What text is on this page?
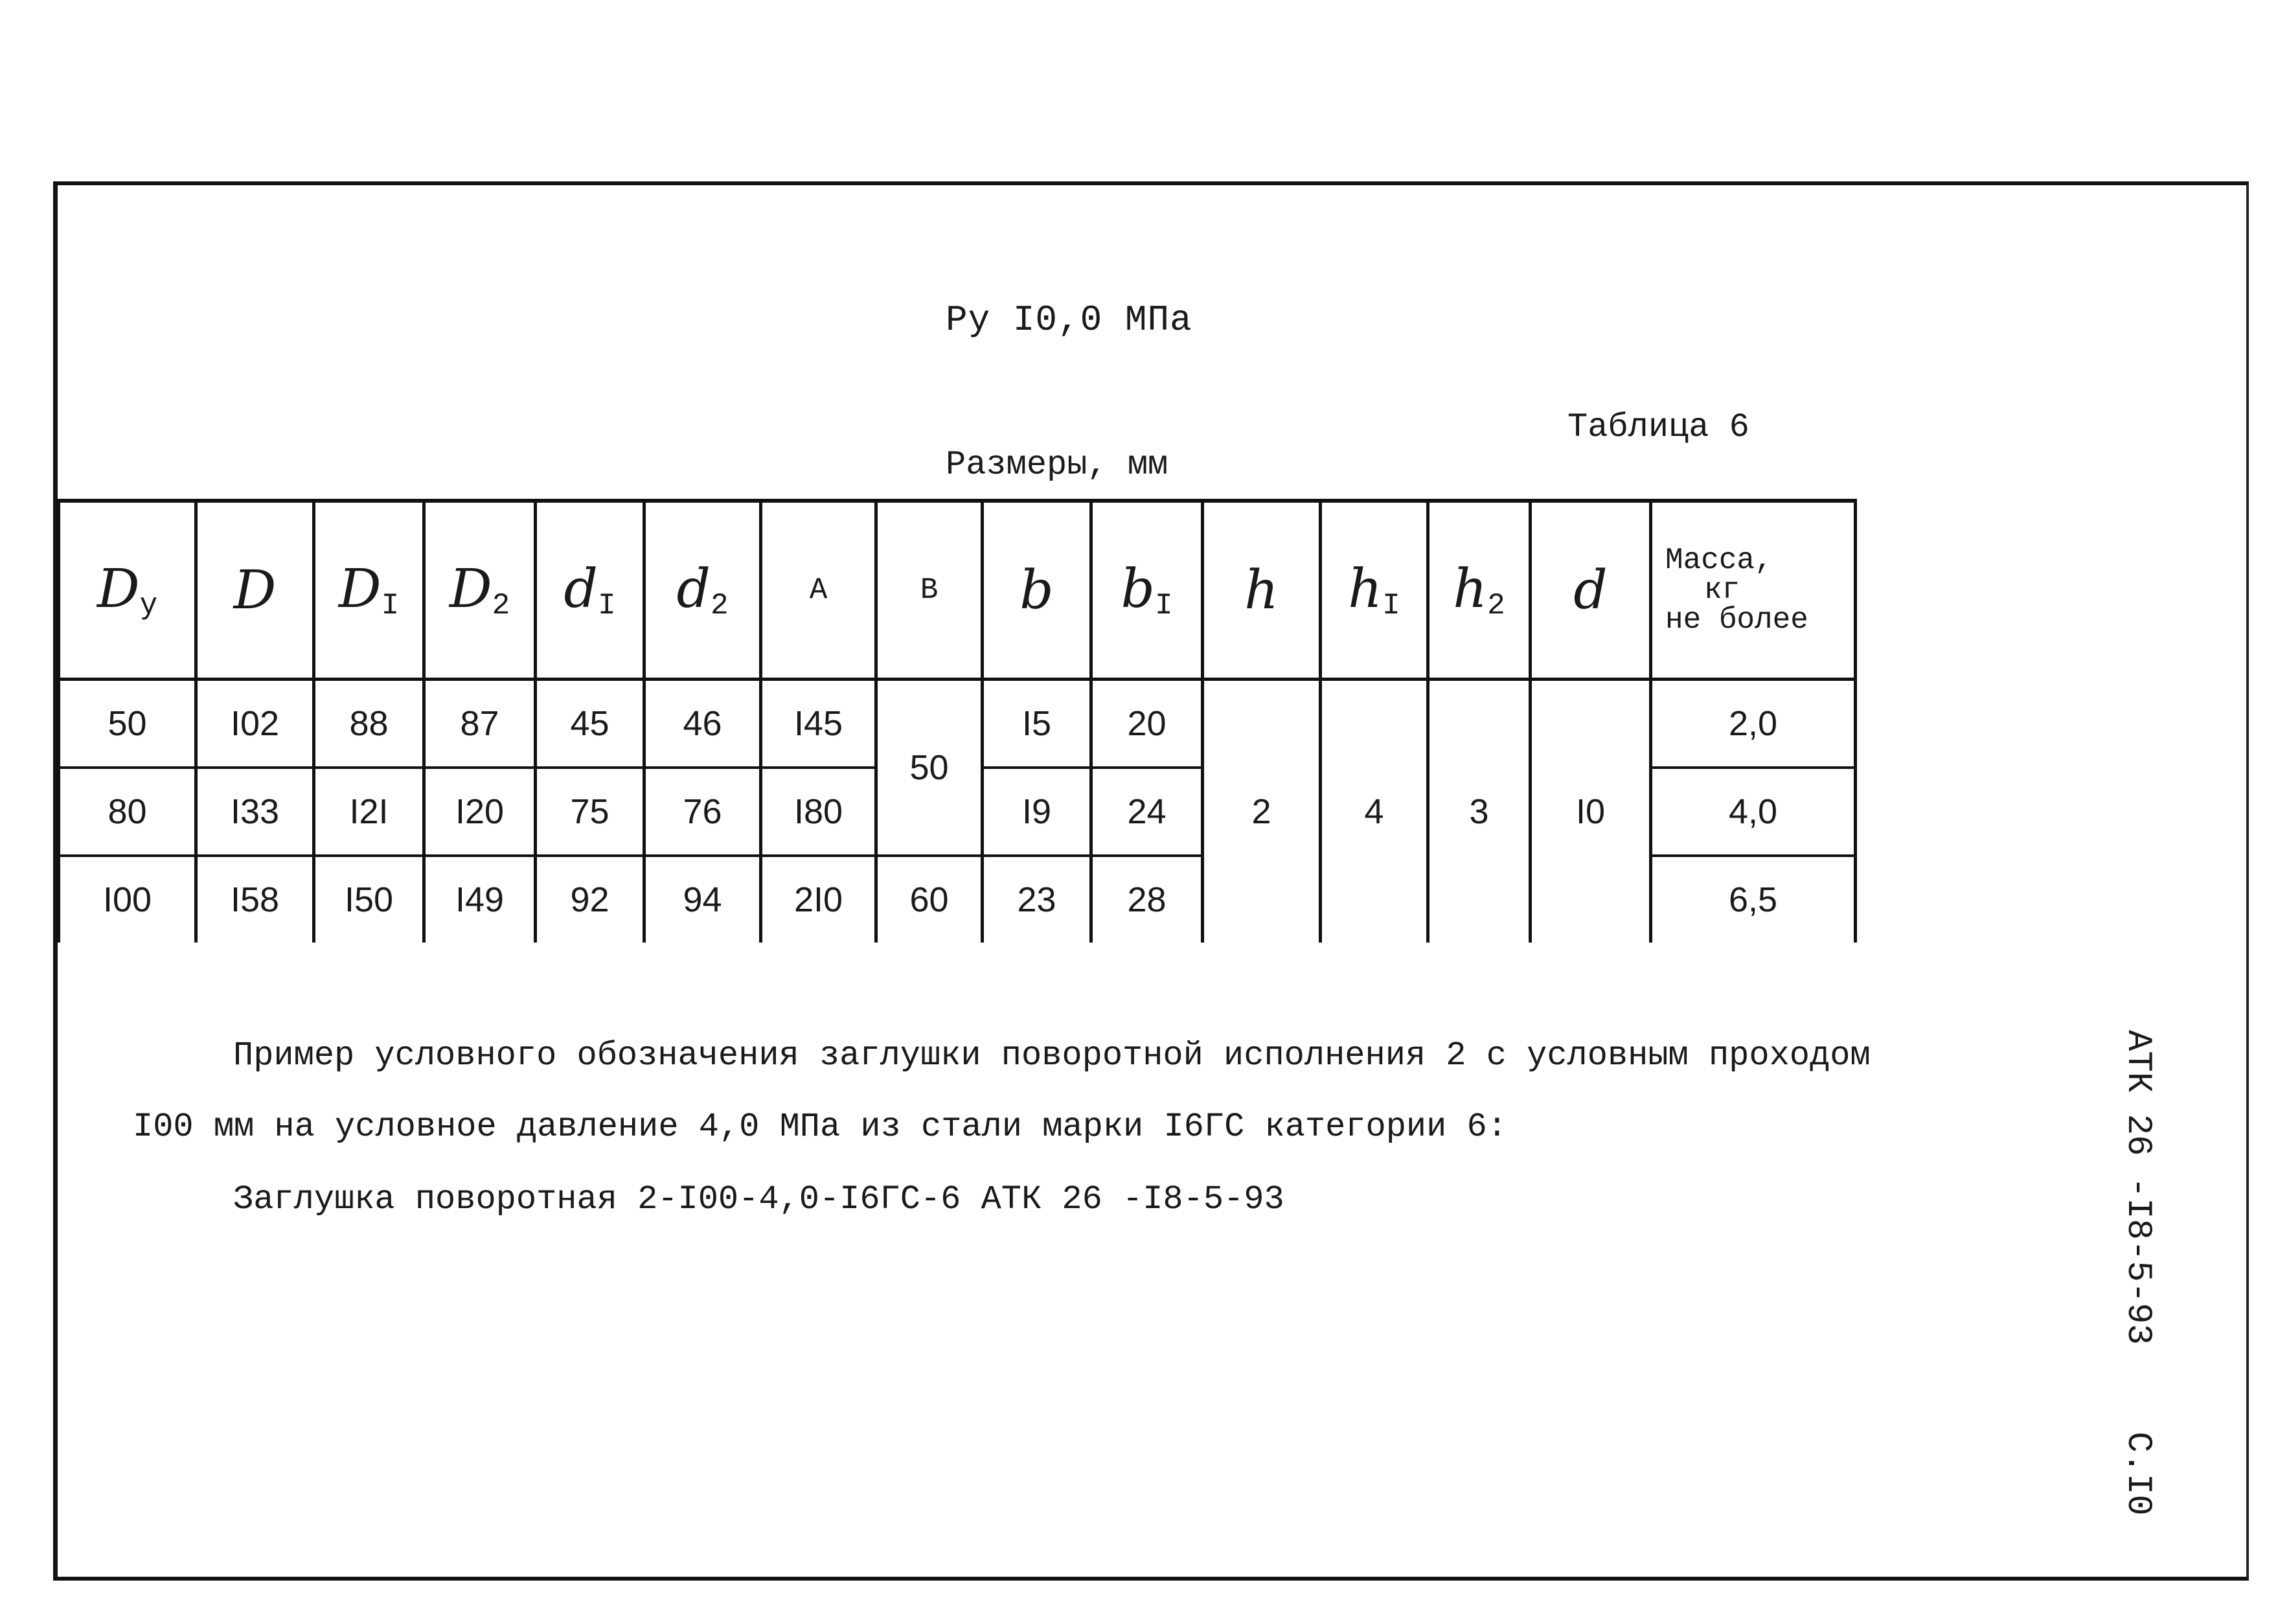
Ру I0,0 МПа
Таблица 6
Размеры, мм
$D_у$	D	$D_I$	$D_2$	$d_I$	$d_2$	A	B	b	$b_I$	h	$h_I$	$h_2$	d	Масса,
кг
не более

50	I02	88	87	45	46	I45	50	I5	20	2	4	3	I0	2,0
80	I33	I2I	I20	75	76	I80		I9	24					4,0
I00	I58	I50	I49	92	94	2I0	60	23	28					6,5
Пример условного обозначения заглушки поворотной исполнения 2 с условным проходом
I00 мм на условное давление 4,0 МПа из стали марки I6ГС категории 6:
Заглушка поворотная 2-I00-4,0-I6ГС-6 АТК 26 -I8-5-93	АТК 26 -I8-5-93
С.I0
